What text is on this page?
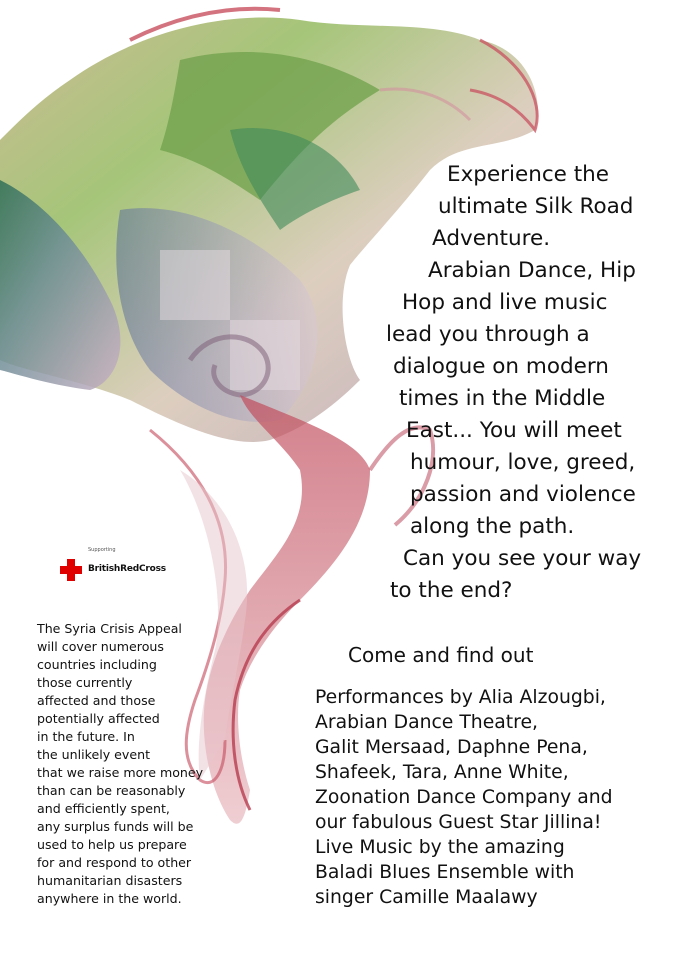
Experience the
ultimate Silk Road
Adventure.
Arabian Dance, Hip
Hop and live music
lead you through a
dialogue on modern
times in the Middle
East... You will meet
humour, love, greed,
passion and violence
along the path.
Can you see your way
to the end?
Supporting
BritishRedCross
Come and find out
The Syria Crisis Appeal
will cover numerous
countries including
those currently
affected and those
potentially affected
in the future. In
the unlikely event
that we raise more money
than can be reasonably
and efficiently spent,
any surplus funds will be
used to help us prepare
for and respond to other
humanitarian disasters
anywhere in the world.
Performances by Alia Alzougbi,
Arabian Dance Theatre,
Galit Mersaad, Daphne Pena,
Shafeek, Tara, Anne White,
Zoonation Dance Company and
our fabulous Guest Star Jillina!
Live Music by the amazing
Baladi Blues Ensemble with
singer Camille Maalawy
